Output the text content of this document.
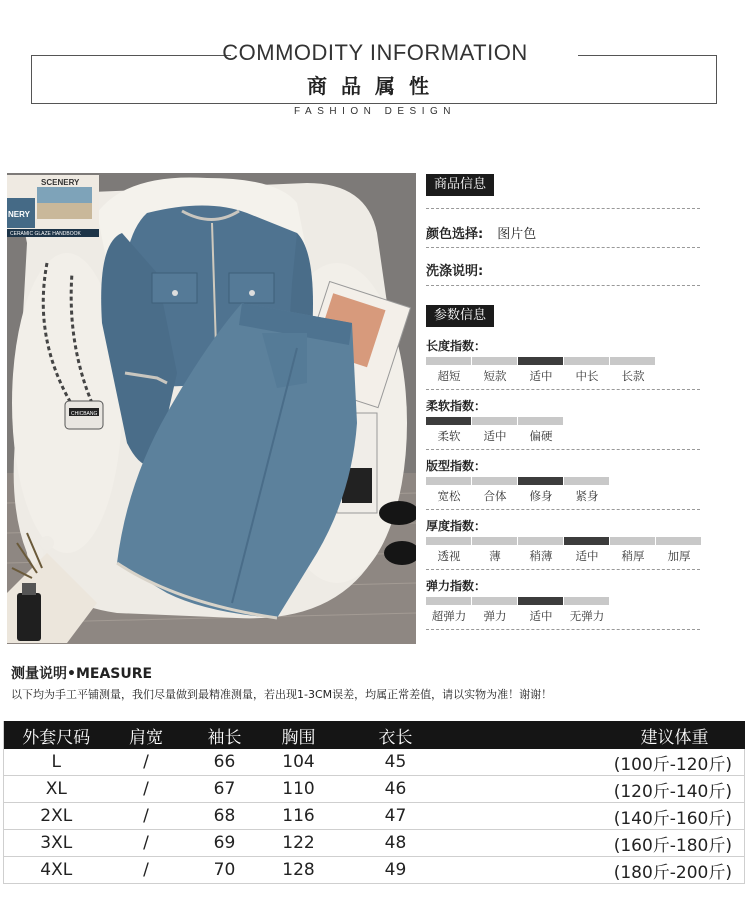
COMMODITY INFORMATION
商品属性
FASHION DESIGN
SCENERY
NERY
CERAMIC GLAZE HANDBOOK
CHICBANG
商品信息
颜色选择: 图片色
洗涤说明:
参数信息
长度指数：
超短	短款	适中	中长	长款
柔软指数：
柔软	适中	偏硬
版型指数：
宽松	合体	修身	紧身
厚度指数：
透视	薄	稍薄	适中	稍厚	加厚
弹力指数：
超弹力	弹力	适中	无弹力
测量说明•MEASURE
以下均为手工平铺测量，我们尽量做到最精准测量，若出现1-3CM误差，均属正常差值，请以实物为准！谢谢！
外套尺码	肩宽	袖长	胸围	衣长	建议体重
L	/	66	104	45	(100斤-120斤)
XL	/	67	110	46	(120斤-140斤)
2XL	/	68	116	47	(140斤-160斤)
3XL	/	69	122	48	(160斤-180斤)
4XL	/	70	128	49	(180斤-200斤)
